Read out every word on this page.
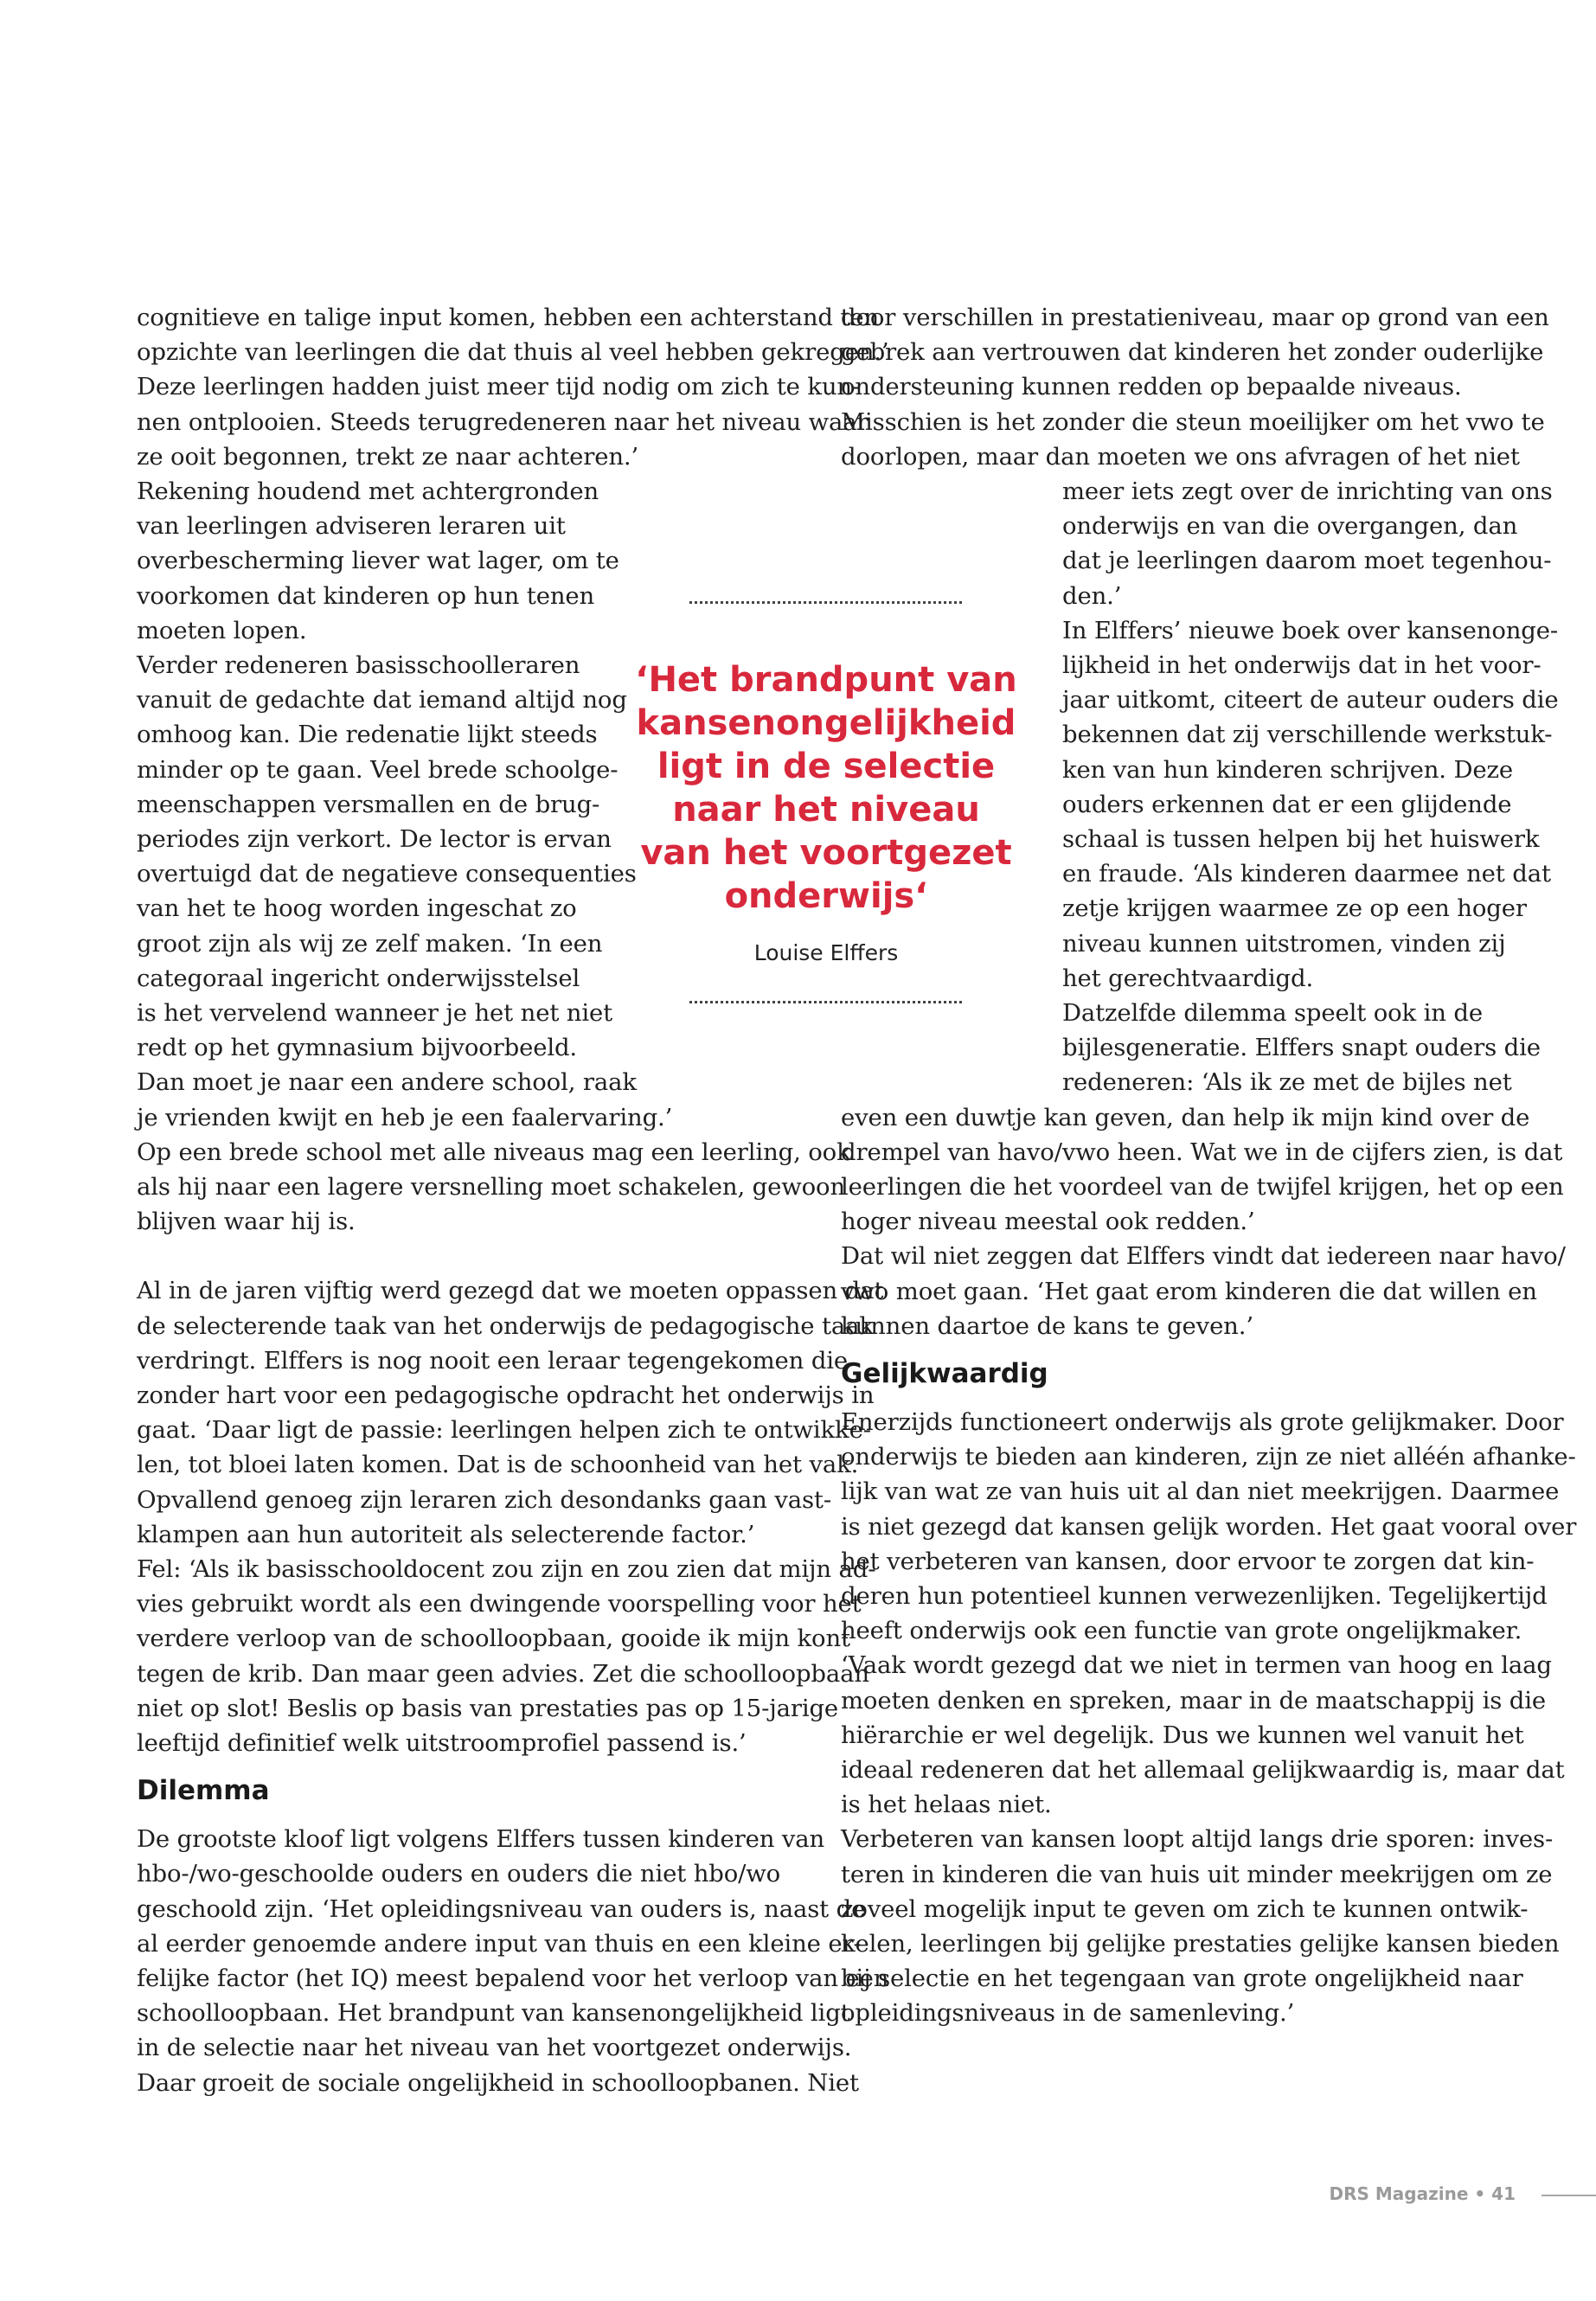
cognitieve en talige input komen, hebben een achterstand ten
opzichte van leerlingen die dat thuis al veel hebben gekregen.’
Deze leerlingen hadden juist meer tijd nodig om zich te kun-
nen ontplooien. Steeds terugredeneren naar het niveau waar
ze ooit begonnen, trekt ze naar achteren.’
Rekening houdend met achtergronden
van leerlingen adviseren leraren uit
overbescherming liever wat lager, om te
voorkomen dat kinderen op hun tenen
moeten lopen.
Verder redeneren basisschoolleraren
vanuit de gedachte dat iemand altijd nog
omhoog kan. Die redenatie lijkt steeds
minder op te gaan. Veel brede schoolge-
meenschappen versmallen en de brug-
periodes zijn verkort. De lector is ervan
overtuigd dat de negatieve consequenties
van het te hoog worden ingeschat zo
groot zijn als wij ze zelf maken. ‘In een
categoraal ingericht onderwijsstelsel
is het vervelend wanneer je het net niet
redt op het gymnasium bijvoorbeeld.
Dan moet je naar een andere school, raak
je vrienden kwijt en heb je een faalervaring.’
Op een brede school met alle niveaus mag een leerling, ook
als hij naar een lagere versnelling moet schakelen, gewoon
blijven waar hij is.
Al in de jaren vijftig werd gezegd dat we moeten oppassen dat
de selecterende taak van het onderwijs de pedagogische taak
verdringt. Elffers is nog nooit een leraar tegengekomen die
zonder hart voor een pedagogische opdracht het onderwijs in
gaat. ‘Daar ligt de passie: leerlingen helpen zich te ontwikke-
len, tot bloei laten komen. Dat is de schoonheid van het vak.
Opvallend genoeg zijn leraren zich desondanks gaan vast-
klampen aan hun autoriteit als selecterende factor.’
Fel: ‘Als ik basisschooldocent zou zijn en zou zien dat mijn ad-
vies gebruikt wordt als een dwingende voorspelling voor het
verdere verloop van de schoolloopbaan, gooide ik mijn kont
tegen de krib. Dan maar geen advies. Zet die schoolloopbaan
niet op slot! Beslis op basis van prestaties pas op 15-jarige
leeftijd definitief welk uitstroomprofiel passend is.’
De grootste kloof ligt volgens Elffers tussen kinderen van
hbo-/wo-geschoolde ouders en ouders die niet hbo/wo
geschoold zijn. ‘Het opleidingsniveau van ouders is, naast de
al eerder genoemde andere input van thuis en een kleine er-
felijke factor (het IQ) meest bepalend voor het verloop van een
schoolloopbaan. Het brandpunt van kansenongelijkheid ligt
in de selectie naar het niveau van het voortgezet onderwijs.
Daar groeit de sociale ongelijkheid in schoolloopbanen. Niet
Dilemma
door verschillen in prestatieniveau, maar op grond van een
gebrek aan vertrouwen dat kinderen het zonder ouderlijke
ondersteuning kunnen redden op bepaalde niveaus.
Misschien is het zonder die steun moeilijker om het vwo te
doorlopen, maar dan moeten we ons afvragen of het niet
meer iets zegt over de inrichting van ons
onderwijs en van die overgangen, dan
dat je leerlingen daarom moet tegenhou-
den.’
In Elffers’ nieuwe boek over kansenonge-
lijkheid in het onderwijs dat in het voor-
jaar uitkomt, citeert de auteur ouders die
bekennen dat zij verschillende werkstuk-
ken van hun kinderen schrijven. Deze
ouders erkennen dat er een glijdende
schaal is tussen helpen bij het huiswerk
en fraude. ‘Als kinderen daarmee net dat
zetje krijgen waarmee ze op een hoger
niveau kunnen uitstromen, vinden zij
het gerechtvaardigd.
Datzelfde dilemma speelt ook in de
bijlesgeneratie. Elffers snapt ouders die
redeneren: ‘Als ik ze met de bijles net
even een duwtje kan geven, dan help ik mijn kind over de
drempel van havo/vwo heen. Wat we in de cijfers zien, is dat
leerlingen die het voordeel van de twijfel krijgen, het op een
hoger niveau meestal ook redden.’
Dat wil niet zeggen dat Elffers vindt dat iedereen naar havo/
vwo moet gaan. ‘Het gaat erom kinderen die dat willen en
kunnen daartoe de kans te geven.’
Enerzijds functioneert onderwijs als grote gelijkmaker. Door
onderwijs te bieden aan kinderen, zijn ze niet alléén afhanke-
lijk van wat ze van huis uit al dan niet meekrijgen. Daarmee
is niet gezegd dat kansen gelijk worden. Het gaat vooral over
het verbeteren van kansen, door ervoor te zorgen dat kin-
deren hun potentieel kunnen verwezenlijken. Tegelijkertijd
heeft onderwijs ook een functie van grote ongelijkmaker.
‘Vaak wordt gezegd dat we niet in termen van hoog en laag
moeten denken en spreken, maar in de maatschappij is die
hiërarchie er wel degelijk. Dus we kunnen wel vanuit het
ideaal redeneren dat het allemaal gelijkwaardig is, maar dat
is het helaas niet.
Verbeteren van kansen loopt altijd langs drie sporen: inves-
teren in kinderen die van huis uit minder meekrijgen om ze
zoveel mogelijk input te geven om zich te kunnen ontwik-
kelen, leerlingen bij gelijke prestaties gelijke kansen bieden
bij selectie en het tegengaan van grote ongelijkheid naar
opleidingsniveaus in de samenleving.’
Gelijkwaardig
‘Het brandpunt van
kansenongelijkheid
ligt in de selectie
naar het niveau
van het voortgezet
onderwijs‘
Louise Elffers
DRS Magazine • 41
